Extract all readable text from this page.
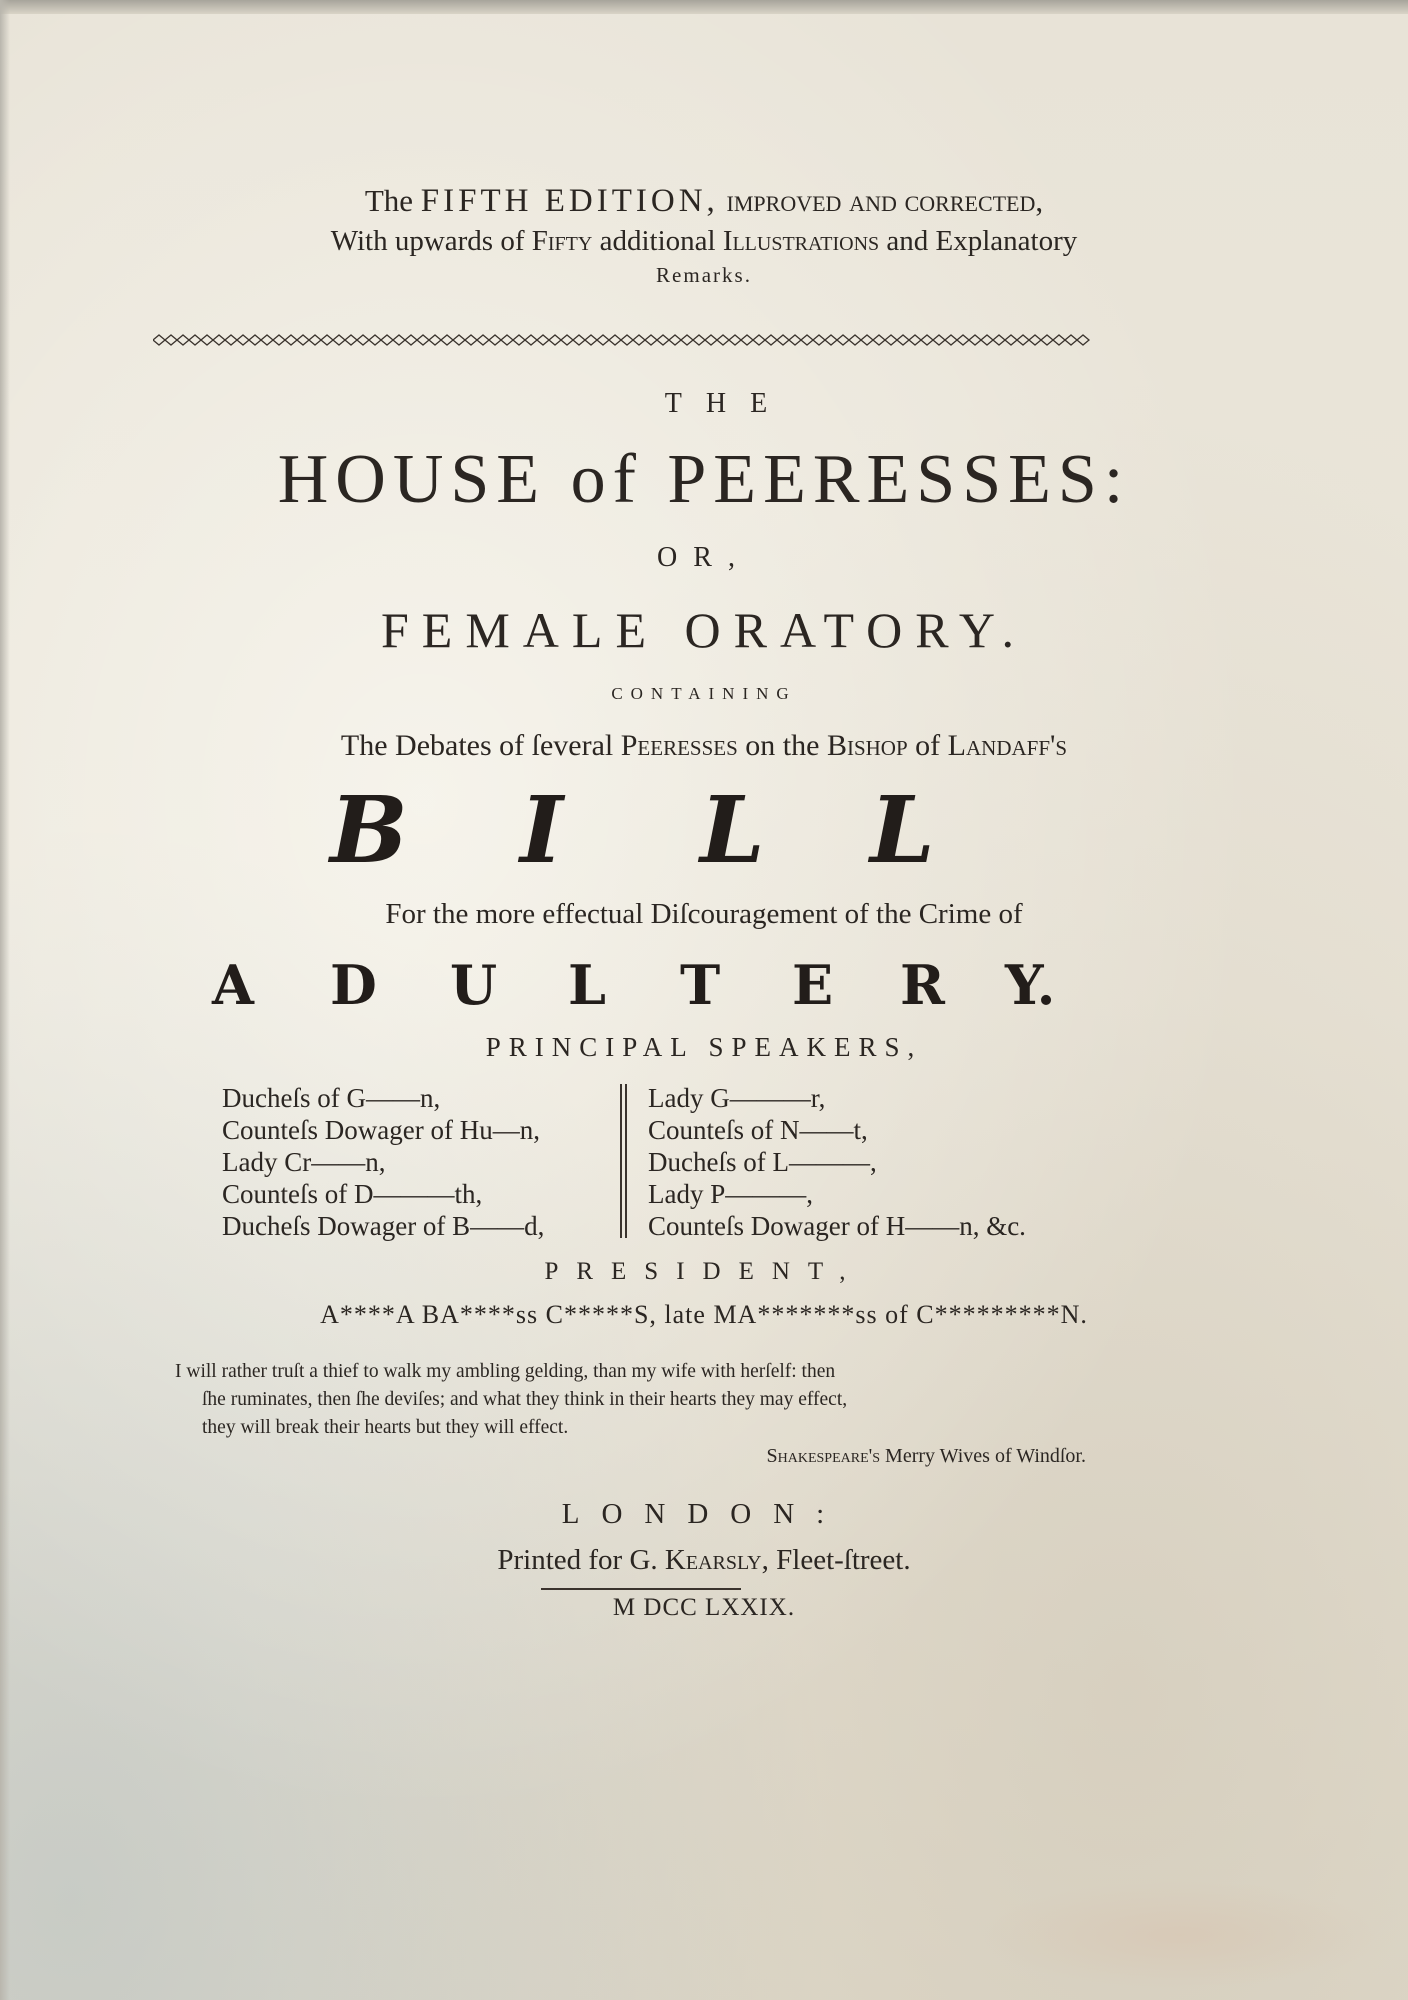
The FIFTH EDITION, improved and corrected,
With upwards of Fifty additional Illustrations and Explanatory
Remarks.
THE
HOUSE of PEERESSES:
OR,
FEMALE ORATORY.
CONTAINING
The Debates of ſeveral Peeresses on the Bishop of Landaff's
B I L L
For the more effectual Diſcouragement of the Crime of
A D U L T E R Y.
PRINCIPAL SPEAKERS,
Ducheſs of G——n,
Counteſs Dowager of Hu—n,
Lady Cr——n,
Counteſs of D———th,
Ducheſs Dowager of B——d,
Lady G———r,
Counteſs of N——t,
Ducheſs of L———,
Lady P———,
Counteſs Dowager of H——n, &c.
PRESIDENT,
A****A BA****ss C*****S, late MA*******ss of C*********N.
I will rather truſt a thief to walk my ambling gelding, than my wife with herſelf: then
ſhe ruminates, then ſhe deviſes; and what they think in their hearts they may effect,
they will break their hearts but they will effect.
Shakespeare's Merry Wives of Windſor.
LONDON:
Printed for G. Kearsly, Fleet-ſtreet.
M DCC LXXIX.
